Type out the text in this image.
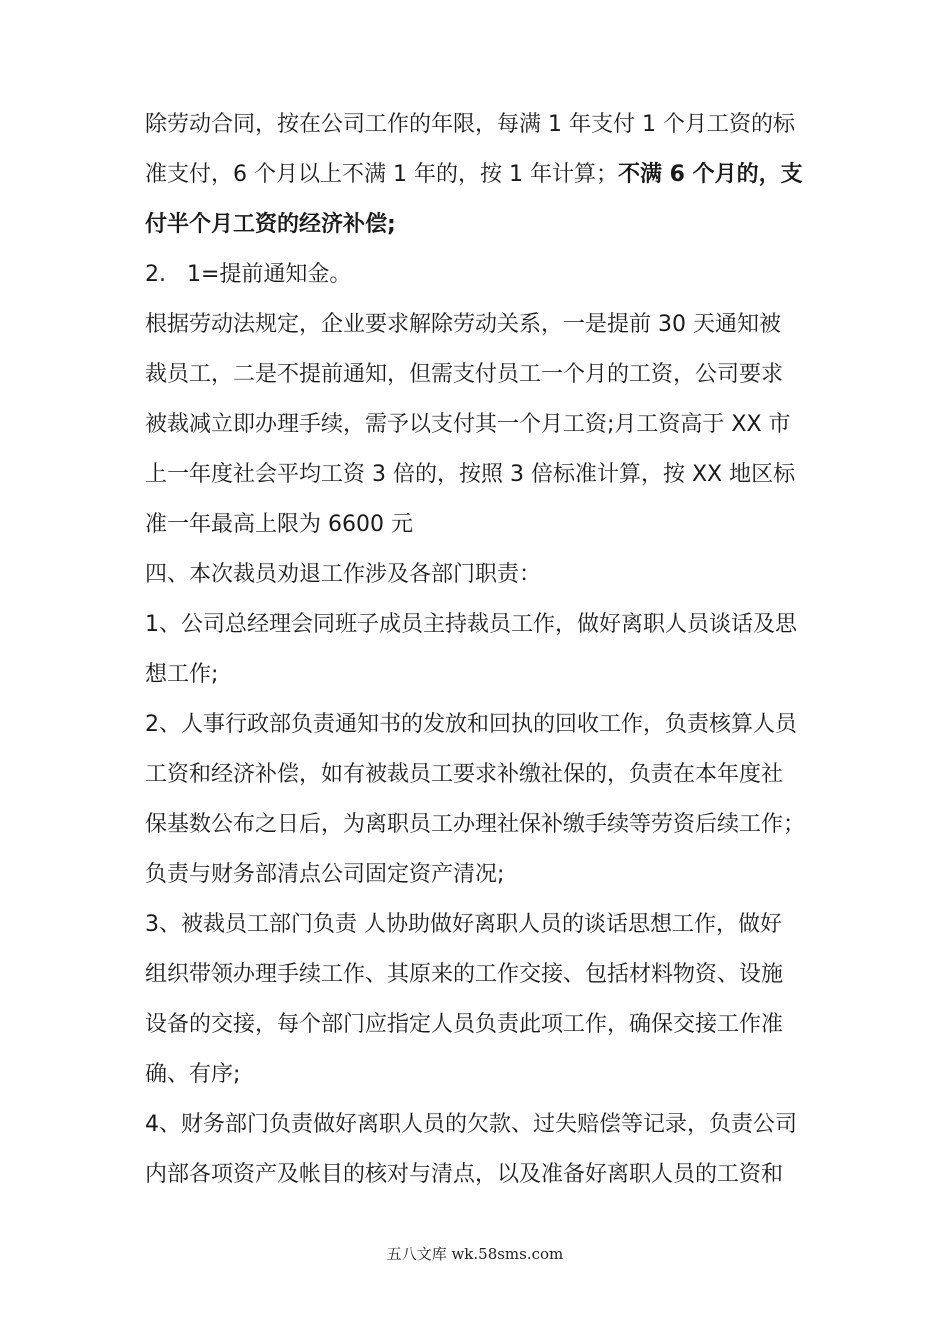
除劳动合同，按在公司工作的年限，每满 1 年支付 1 个月工资的标
准支付，6 个月以上不满 1 年的，按 1 年计算；不满 6 个月的，支
付半个月工资的经济补偿;
2.   1=提前通知金。
根据劳动法规定，企业要求解除劳动关系，一是提前 30 天通知被
裁员工，二是不提前通知，但需支付员工一个月的工资，公司要求
被裁减立即办理手续，需予以支付其一个月工资;月工资高于 XX 市
上一年度社会平均工资 3 倍的，按照 3 倍标准计算，按 XX 地区标
准一年最高上限为 6600 元
四、本次裁员劝退工作涉及各部门职责：
1、公司总经理会同班子成员主持裁员工作，做好离职人员谈话及思
想工作;
2、人事行政部负责通知书的发放和回执的回收工作，负责核算人员
工资和经济补偿，如有被裁员工要求补缴社保的，负责在本年度社
保基数公布之日后，为离职员工办理社保补缴手续等劳资后续工作；
负责与财务部清点公司固定资产清况;
3、被裁员工部门负责 人协助做好离职人员的谈话思想工作，做好
组织带领办理手续工作、其原来的工作交接、包括材料物资、设施
设备的交接，每个部门应指定人员负责此项工作，确保交接工作准
确、有序;
4、财务部门负责做好离职人员的欠款、过失赔偿等记录，负责公司
内部各项资产及帐目的核对与清点，以及准备好离职人员的工资和
五八文库 wk.58sms.com
